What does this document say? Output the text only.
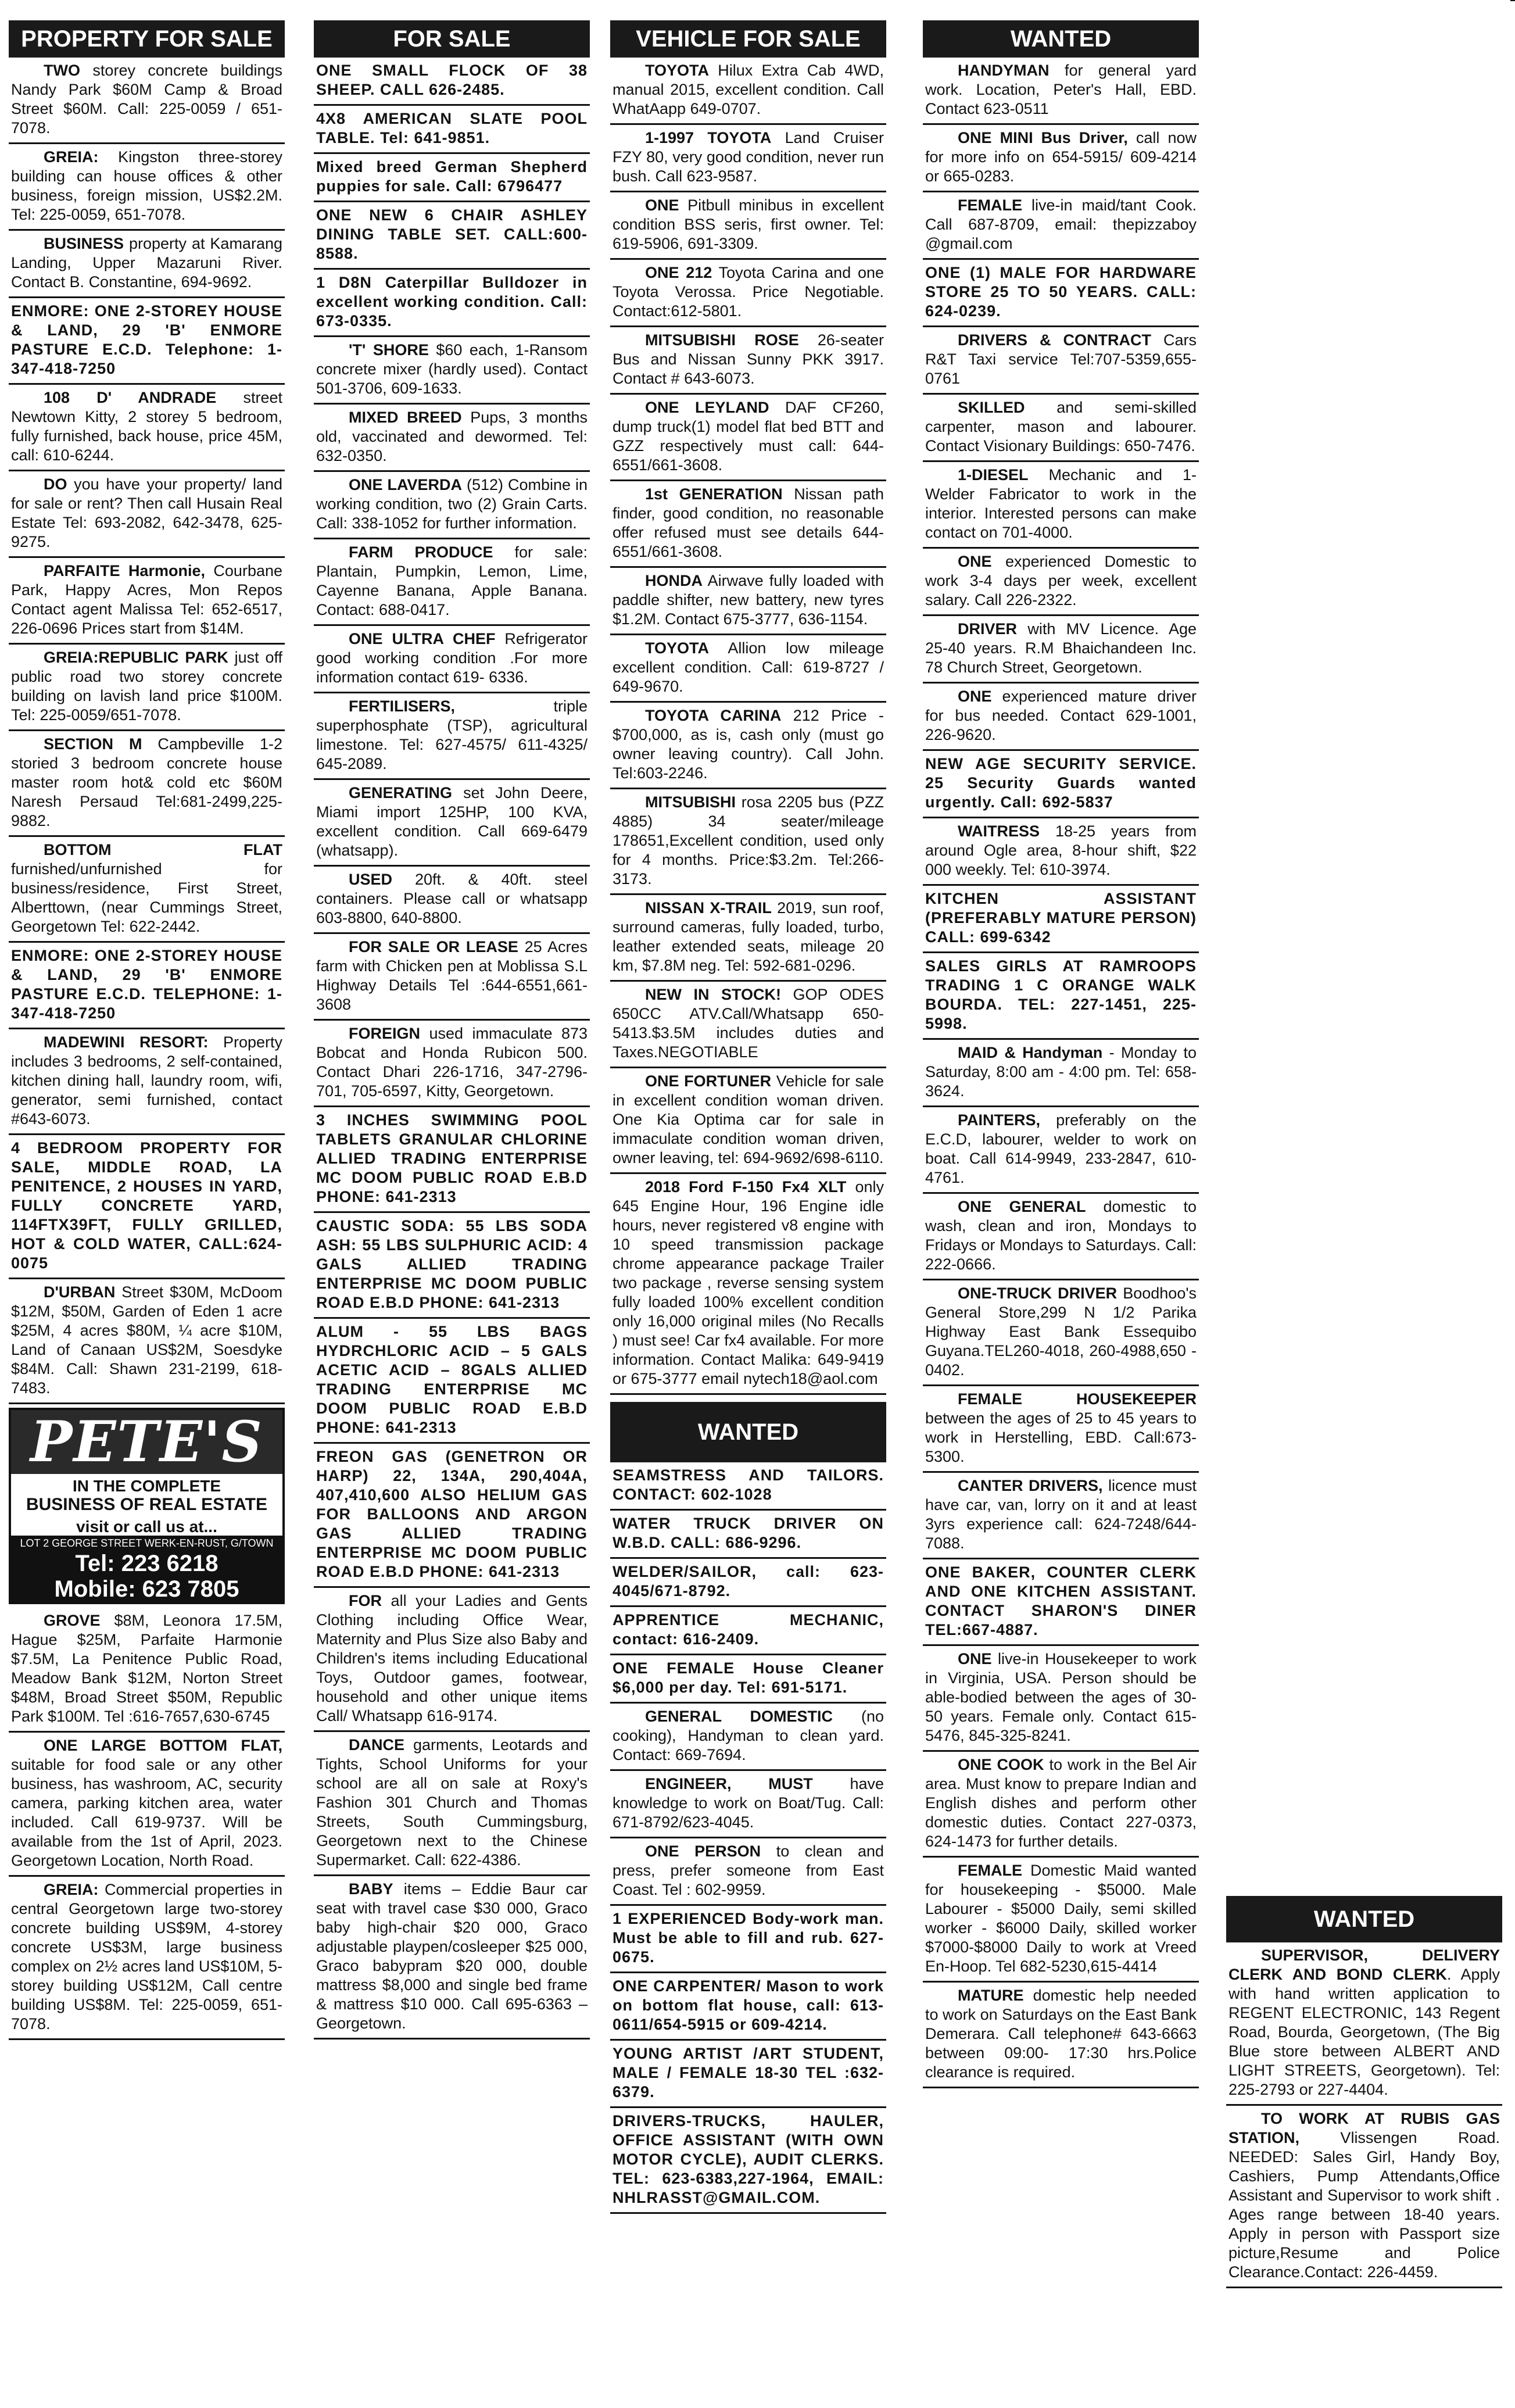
PROPERTY FOR SALE
TWO storey concrete buildings Nandy Park $60M Camp & Broad Street $60M. Call: 225-0059 / 651-7078.
GREIA: Kingston three-storey building can house offices & other business, foreign mission, US$2.2M. Tel: 225-0059, 651-7078.
BUSINESS property at Kamarang Landing, Upper Mazaruni River. Contact B. Constantine, 694-9692.
ENMORE: ONE 2-STOREY HOUSE & LAND, 29 'B' ENMORE PASTURE E.C.D. Telephone: 1-347-418-7250
108 D' ANDRADE street Newtown Kitty, 2 storey 5 bedroom, fully furnished, back house, price 45M, call: 610-6244.
DO you have your property/ land for sale or rent? Then call Husain Real Estate Tel: 693-2082, 642-3478, 625-9275.
PARFAITE Harmonie, Courbane Park, Happy Acres, Mon Repos Contact agent Malissa Tel: 652-6517, 226-0696 Prices start from $14M.
GREIA:REPUBLIC PARK just off public road two storey concrete building on lavish land price $100M. Tel: 225-0059/651-7078.
SECTION M Campbeville 1-2 storied 3 bedroom concrete house master room hot& cold etc $60M Naresh Persaud Tel:681-2499,225-9882.
BOTTOM FLAT furnished/unfurnished for business/residence, First Street, Alberttown, (near Cummings Street, Georgetown Tel: 622-2442.
ENMORE: ONE 2-STOREY HOUSE & LAND, 29 'B' ENMORE PASTURE E.C.D. TELEPHONE: 1-347-418-7250
MADEWINI RESORT: Property includes 3 bedrooms, 2 self-contained, kitchen dining hall, laundry room, wifi, generator, semi furnished, contact #643-6073.
4 BEDROOM PROPERTY FOR SALE, MIDDLE ROAD, LA PENITENCE, 2 HOUSES IN YARD, FULLY CONCRETE YARD, 114FTX39FT, FULLY GRILLED, HOT & COLD WATER, CALL:624-0075
D'URBAN Street $30M, McDoom $12M, $50M, Garden of Eden 1 acre $25M, 4 acres $80M, ¼ acre $10M, Land of Canaan US$2M, Soesdyke $84M. Call: Shawn 231-2199, 618-7483.
PETE'S
IN THE COMPLETE
BUSINESS OF REAL ESTATE
visit or call us at...
LOT 2 GEORGE STREET WERK-EN-RUST, G/TOWN
Tel: 223 6218
Mobile: 623 7805
GROVE $8M, Leonora 17.5M, Hague $25M, Parfaite Harmonie $7.5M, La Penitence Public Road, Meadow Bank $12M, Norton Street $48M, Broad Street $50M, Republic Park $100M. Tel :616-7657,630-6745
ONE LARGE BOTTOM FLAT, suitable for food sale or any other business, has washroom, AC, security camera, parking kitchen area, water included. Call 619-9737. Will be available from the 1st of April, 2023. Georgetown Location, North Road.
GREIA: Commercial properties in central Georgetown large two-storey concrete building US$9M, 4-storey concrete US$3M, large business complex on 2½ acres land US$10M, 5-storey building US$12M, Call centre building US$8M. Tel: 225-0059, 651-7078.
FOR SALE
ONE SMALL FLOCK OF 38 SHEEP. CALL 626-2485.
4X8 AMERICAN SLATE POOL TABLE. Tel: 641-9851.
Mixed breed German Shepherd puppies for sale. Call: 6796477
ONE NEW 6 CHAIR ASHLEY DINING TABLE SET. CALL:600-8588.
1 D8N Caterpillar Bulldozer in excellent working condition. Call: 673-0335.
'T' SHORE $60 each, 1-Ransom concrete mixer (hardly used). Contact 501-3706, 609-1633.
MIXED BREED Pups, 3 months old, vaccinated and dewormed. Tel: 632-0350.
ONE LAVERDA (512) Combine in working condition, two (2) Grain Carts. Call: 338-1052 for further information.
FARM PRODUCE for sale: Plantain, Pumpkin, Lemon, Lime, Cayenne Banana, Apple Banana. Contact: 688-0417.
ONE ULTRA CHEF Refrigerator good working condition .For more information contact 619- 6336.
FERTILISERS, triple superphosphate (TSP), agricultural limestone. Tel: 627-4575/ 611-4325/ 645-2089.
GENERATING set John Deere, Miami import 125HP, 100 KVA, excellent condition. Call 669-6479 (whatsapp).
USED 20ft. & 40ft. steel containers. Please call or whatsapp 603-8800, 640-8800.
FOR SALE OR LEASE 25 Acres farm with Chicken pen at Moblissa S.L Highway Details Tel :644-6551,661-3608
FOREIGN used immaculate 873 Bobcat and Honda Rubicon 500. Contact Dhari 226-1716, 347-2796-701, 705-6597, Kitty, Georgetown.
3 INCHES SWIMMING POOL TABLETS GRANULAR CHLORINE ALLIED TRADING ENTERPRISE MC DOOM PUBLIC ROAD E.B.D PHONE: 641-2313
CAUSTIC SODA: 55 LBS SODA ASH: 55 LBS SULPHURIC ACID: 4 GALS ALLIED TRADING ENTERPRISE MC DOOM PUBLIC ROAD E.B.D PHONE: 641-2313
ALUM - 55 LBS BAGS HYDRCHLORIC ACID – 5 GALS ACETIC ACID – 8GALS ALLIED TRADING ENTERPRISE MC DOOM PUBLIC ROAD E.B.D PHONE: 641-2313
FREON GAS (GENETRON OR HARP) 22, 134A, 290,404A, 407,410,600 ALSO HELIUM GAS FOR BALLOONS AND ARGON GAS ALLIED TRADING ENTERPRISE MC DOOM PUBLIC ROAD E.B.D PHONE: 641-2313
FOR all your Ladies and Gents Clothing including Office Wear, Maternity and Plus Size also Baby and Children's items including Educational Toys, Outdoor games, footwear, household and other unique items Call/ Whatsapp 616-9174.
DANCE garments, Leotards and Tights, School Uniforms for your school are all on sale at Roxy's Fashion 301 Church and Thomas Streets, South Cummingsburg, Georgetown next to the Chinese Supermarket. Call: 622-4386.
BABY items – Eddie Baur car seat with travel case $30 000, Graco baby high-chair $20 000, Graco adjustable playpen/cosleeper $25 000, Graco babypram $20 000, double mattress $8,000 and single bed frame & mattress $10 000. Call 695-6363 – Georgetown.
VEHICLE FOR SALE
TOYOTA Hilux Extra Cab 4WD, manual 2015, excellent condition. Call WhatAapp 649-0707.
1-1997 TOYOTA Land Cruiser FZY 80, very good condition, never run bush. Call 623-9587.
ONE Pitbull minibus in excellent condition BSS seris, first owner. Tel: 619-5906, 691-3309.
ONE 212 Toyota Carina and one Toyota Verossa. Price Negotiable. Contact:612-5801.
MITSUBISHI ROSE 26-seater Bus and Nissan Sunny PKK 3917. Contact # 643-6073.
ONE LEYLAND DAF CF260, dump truck(1) model flat bed BTT and GZZ respectively must call: 644-6551/661-3608.
1st GENERATION Nissan path finder, good condition, no reasonable offer refused must see details 644-6551/661-3608.
HONDA Airwave fully loaded with paddle shifter, new battery, new tyres $1.2M. Contact 675-3777, 636-1154.
TOYOTA Allion low mileage excellent condition. Call: 619-8727 / 649-9670.
TOYOTA CARINA 212 Price - $700,000, as is, cash only (must go owner leaving country). Call John. Tel:603-2246.
MITSUBISHI rosa 2205 bus (PZZ 4885) 34 seater/mileage 178651,Excellent condition, used only for 4 months. Price:$3.2m. Tel:266-3173.
NISSAN X-TRAIL 2019, sun roof, surround cameras, fully loaded, turbo, leather extended seats, mileage 20 km, $7.8M neg. Tel: 592-681-0296.
NEW IN STOCK! GOP ODES 650CC ATV.Call/Whatsapp 650-5413.$3.5M includes duties and Taxes.NEGOTIABLE
ONE FORTUNER Vehicle for sale in excellent condition woman driven. One Kia Optima car for sale in immaculate condition woman driven, owner leaving, tel: 694-9692/698-6110.
2018 Ford F-150 Fx4 XLT only 645 Engine Hour, 196 Engine idle hours, never registered v8 engine with 10 speed transmission package chrome appearance package Trailer two package , reverse sensing system fully loaded 100% excellent condition only 16,000 original miles (No Recalls ) must see! Car fx4 available. For more information. Contact Malika: 649-9419 or 675-3777 email nytech18@aol.com
WANTED
SEAMSTRESS AND TAILORS. CONTACT: 602-1028
WATER TRUCK DRIVER ON W.B.D. CALL: 686-9296.
WELDER/SAILOR, call: 623-4045/671-8792.
APPRENTICE MECHANIC, contact: 616-2409.
ONE FEMALE House Cleaner $6,000 per day. Tel: 691-5171.
GENERAL DOMESTIC (no cooking), Handyman to clean yard. Contact: 669-7694.
ENGINEER, MUST have knowledge to work on Boat/Tug. Call: 671-8792/623-4045.
ONE PERSON to clean and press, prefer someone from East Coast. Tel : 602-9959.
1 EXPERIENCED Body-work man. Must be able to fill and rub. 627-0675.
ONE CARPENTER/ Mason to work on bottom flat house, call: 613-0611/654-5915 or 609-4214.
YOUNG ARTIST /ART STUDENT, MALE / FEMALE 18-30 TEL :632-6379.
DRIVERS-TRUCKS, HAULER, OFFICE ASSISTANT (WITH OWN MOTOR CYCLE), AUDIT CLERKS. TEL: 623-6383,227-1964, EMAIL: NHLRASST@GMAIL.COM.
WANTED
HANDYMAN for general yard work. Location, Peter's Hall, EBD. Contact 623-0511
ONE MINI Bus Driver, call now for more info on 654-5915/ 609-4214 or 665-0283.
FEMALE live-in maid/tant Cook. Call 687-8709, email: thepizzaboy @gmail.com
ONE (1) MALE FOR HARDWARE STORE 25 TO 50 YEARS. CALL: 624-0239.
DRIVERS & CONTRACT Cars R&T Taxi service Tel:707-5359,655-0761
SKILLED and semi-skilled carpenter, mason and labourer. Contact Visionary Buildings: 650-7476.
1-DIESEL Mechanic and 1-Welder Fabricator to work in the interior. Interested persons can make contact on 701-4000.
ONE experienced Domestic to work 3-4 days per week, excellent salary. Call 226-2322.
DRIVER with MV Licence. Age 25-40 years. R.M Bhaichandeen Inc. 78 Church Street, Georgetown.
ONE experienced mature driver for bus needed. Contact 629-1001, 226-9620.
NEW AGE SECURITY SERVICE. 25 Security Guards wanted urgently. Call: 692-5837
WAITRESS 18-25 years from around Ogle area, 8-hour shift, $22 000 weekly. Tel: 610-3974.
KITCHEN ASSISTANT (PREFERABLY MATURE PERSON) CALL: 699-6342
SALES GIRLS AT RAMROOPS TRADING 1 C ORANGE WALK BOURDA. TEL: 227-1451, 225-5998.
MAID & Handyman - Monday to Saturday, 8:00 am - 4:00 pm. Tel: 658-3624.
PAINTERS, preferably on the E.C.D, labourer, welder to work on boat. Call 614-9949, 233-2847, 610-4761.
ONE GENERAL domestic to wash, clean and iron, Mondays to Fridays or Mondays to Saturdays. Call: 222-0666.
ONE-TRUCK DRIVER Boodhoo's General Store,299 N 1/2 Parika Highway East Bank Essequibo Guyana.TEL260-4018, 260-4988,650 - 0402.
FEMALE HOUSEKEEPER between the ages of 25 to 45 years to work in Herstelling, EBD. Call:673-5300.
CANTER DRIVERS, licence must have car, van, lorry on it and at least 3yrs experience call: 624-7248/644-7088.
ONE BAKER, COUNTER CLERK AND ONE KITCHEN ASSISTANT. CONTACT SHARON'S DINER TEL:667-4887.
ONE live-in Housekeeper to work in Virginia, USA. Person should be able-bodied between the ages of 30-50 years. Female only. Contact 615-5476, 845-325-8241.
ONE COOK to work in the Bel Air area. Must know to prepare Indian and English dishes and perform other domestic duties. Contact 227-0373, 624-1473 for further details.
FEMALE Domestic Maid wanted for housekeeping - $5000. Male Labourer - $5000 Daily, semi skilled worker - $6000 Daily, skilled worker $7000-$8000 Daily to work at Vreed En-Hoop. Tel 682-5230,615-4414
MATURE domestic help needed to work on Saturdays on the East Bank Demerara. Call telephone# 643-6663 between 09:00- 17:30 hrs.Police clearance is required.
WANTED
SUPERVISOR, DELIVERY CLERK AND BOND CLERK. Apply with hand written application to REGENT ELECTRONIC, 143 Regent Road, Bourda, Georgetown, (The Big Blue store between ALBERT AND LIGHT STREETS, Georgetown). Tel: 225-2793 or 227-4404.
TO WORK AT RUBIS GAS STATION, Vlissengen Road. NEEDED: Sales Girl, Handy Boy, Cashiers, Pump Attendants,Office Assistant and Supervisor to work shift . Ages range between 18-40 years. Apply in person with Passport size picture,Resume and Police Clearance.Contact: 226-4459.
